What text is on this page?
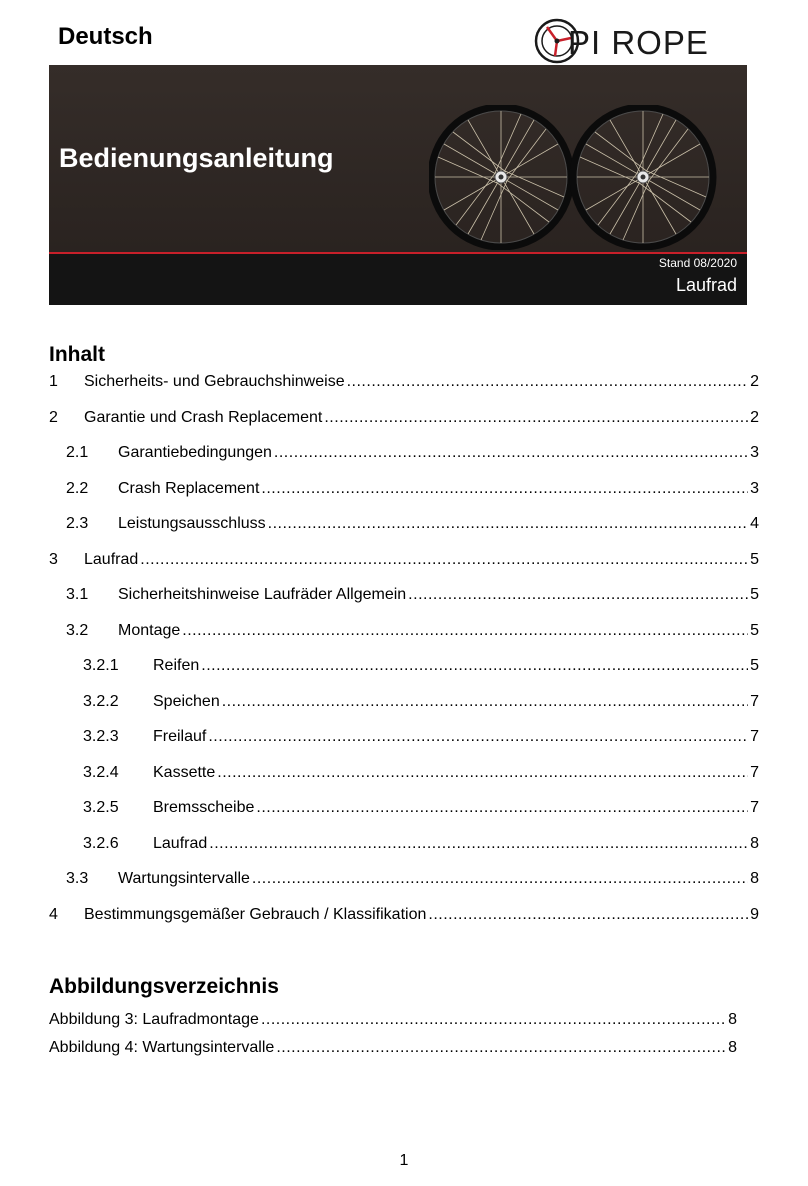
Deutsch	PI ROPE
Bedienungsanleitung
Stand 08/2020
Laufrad
Inhalt
1 Sicherheits- und Gebrauchshinweise .....	2
2 Garantie und Crash Replacement .....	2
2.1 Garantiebedingungen .....	3
2.2 Crash Replacement .....	3
2.3 Leistungsausschluss .....	4
3 Laufrad .....	5
3.1 Sicherheitshinweise Laufräder Allgemein .....	5
3.2 Montage .....	5
3.2.1 Reifen .....	5
3.2.2 Speichen .....	7
3.2.3 Freilauf .....	7
3.2.4 Kassette .....	7
3.2.5 Bremsscheibe .....	7
3.2.6 Laufrad .....	8
3.3 Wartungsintervalle .....	8
4 Bestimmungsgemäßer Gebrauch / Klassifikation .....	9
Abbildungsverzeichnis
Abbildung 3: Laufradmontage .....	8
Abbildung 4: Wartungsintervalle .....	8
1
